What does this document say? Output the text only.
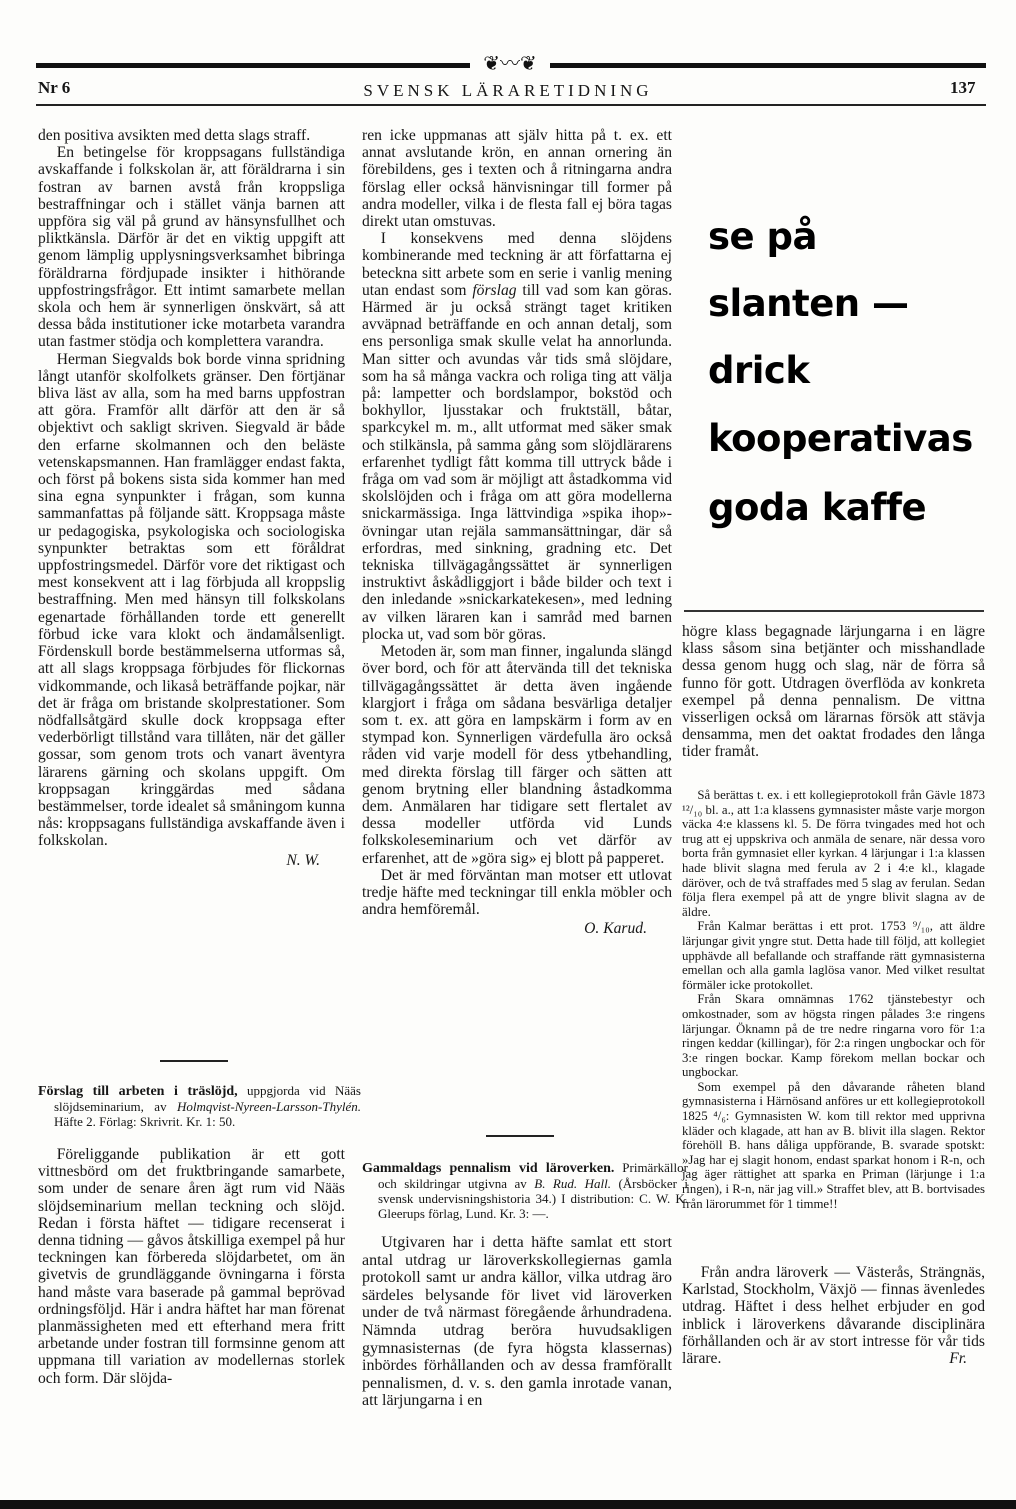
❦〰❦
Nr 6	SVENSK LÄRARETIDNING	137

den positiva avsikten med detta slags straff.

En betingelse för kroppsagans fullständiga avskaffande i folkskolan är, att föräldrarna i sin fostran av barnen avstå från kroppsliga bestraffningar och i stället vänja barnen att uppföra sig väl på grund av hänsynsfullhet och pliktkänsla. Därför är det en viktig uppgift att genom lämplig upplysningsverksamhet bibringa föräldrarna fördjupade insikter i hithörande uppfostringsfrågor. Ett intimt samarbete mellan skola och hem är synnerligen önskvärt, så att dessa båda institutioner icke motarbeta varandra utan fastmer stödja och komplettera varandra.

Herman Siegvalds bok borde vinna spridning långt utanför skolfolkets gränser. Den förtjänar bliva läst av alla, som ha med barns uppfostran att göra. Framför allt därför att den är så objektivt och sakligt skriven. Siegvald är både den erfarne skolmannen och den beläste vetenskapsmannen. Han framlägger endast fakta, och först på bokens sista sida kommer han med sina egna synpunkter i frågan, som kunna sammanfattas på följande sätt. Kroppsaga måste ur pedagogiska, psykologiska och sociologiska synpunkter betraktas som ett föråldrat uppfostringsmedel. Därför vore det riktigast och mest konsekvent att i lag förbjuda all kroppslig bestraffning. Men med hänsyn till folkskolans egenartade förhållanden torde ett generellt förbud icke vara klokt och ändamålsenligt. Fördenskull borde bestämmelserna utformas så, att all slags kroppsaga förbjudes för flickornas vidkommande, och likaså beträffande pojkar, när det är fråga om bristande skolprestationer. Som nödfallsåtgärd skulle dock kroppsaga efter vederbörligt tillstånd vara tillåten, när det gäller gossar, som genom trots och vanart äventyra lärarens gärning och skolans uppgift. Om kroppsagan kringgärdas med sådana bestämmelser, torde idealet så småningom kunna nås: kroppsagans fullständiga avskaffande även i folkskolan.

N. W.
Förslag till arbeten i träslöjd, uppgjorda vid Nääs slöjdseminarium, av Holmqvist-Nyreen-Larsson-Thylén. Häfte 2. Förlag: Skrivrit. Kr. 1: 50.

Föreliggande publikation är ett gott vittnesbörd om det fruktbringande samarbete, som under de senare åren ägt rum vid Nääs slöjdseminarium mellan teckning och slöjd. Redan i första häftet — tidigare recenserat i denna tidning — gåvos åtskilliga exempel på hur teckningen kan förbereda slöjdarbetet, om än givetvis de grundläggande övningarna i första hand måste vara baserade på gammal beprövad ordningsföljd. Här i andra häftet har man förenat planmässigheten med ett efterhand mera fritt arbetande under fostran till formsinne genom att uppmana till variation av modellernas storlek och form. Där slöjda-

ren icke uppmanas att själv hitta på t. ex. ett annat avslutande krön, en annan ornering än förebildens, ges i texten och å ritningarna andra förslag eller också hänvisningar till former på andra modeller, vilka i de flesta fall ej böra tagas direkt utan omstuvas.

I konsekvens med denna slöjdens kombinerande med teckning är att författarna ej beteckna sitt arbete som en serie i vanlig mening utan endast som förslag till vad som kan göras. Härmed är ju också strängt taget kritiken avväpnad beträffande en och annan detalj, som ens personliga smak skulle velat ha annorlunda. Man sitter och avundas vår tids små slöjdare, som ha så många vackra och roliga ting att välja på: lampetter och bordslampor, bokstöd och bokhyllor, ljusstakar och fruktställ, båtar, sparkcykel m. m., allt utformat med säker smak och stilkänsla, på samma gång som slöjdlärarens erfarenhet tydligt fått komma till uttryck både i fråga om vad som är möjligt att åstadkomma vid skolslöjden och i fråga om att göra modellerna snickarmässiga. Inga lättvindiga »spika ihop»-övningar utan rejäla sammansättningar, där så erfordras, med sinkning, gradning etc. Det tekniska tillvägagångssättet är synnerligen instruktivt åskådliggjort i både bilder och text i den inledande »snickarkatekesen», med ledning av vilken läraren kan i samråd med barnen plocka ut, vad som bör göras.

Metoden är, som man finner, ingalunda slängd över bord, och för att återvända till det tekniska tillvägagångssättet är detta även ingående klargjort i fråga om sådana besvärliga detaljer som t. ex. att göra en lampskärm i form av en stympad kon. Synnerligen värdefulla äro också råden vid varje modell för dess ytbehandling, med direkta förslag till färger och sätten att genom brytning eller blandning åstadkomma dem. Anmälaren har tidigare sett flertalet av dessa modeller utförda vid Lunds folkskoleseminarium och vet därför av erfarenhet, att de »göra sig» ej blott på papperet.

Det är med förväntan man motser ett utlovat tredje häfte med teckningar till enkla möbler och andra hemföremål.

O. Karud.
Gammaldags pennalism vid läroverken. Primärkällor och skildringar utgivna av B. Rud. Hall. (Årsböcker i svensk undervisningshistoria 34.) I distribution: C. W. K. Gleerups förlag, Lund. Kr. 3: —.

Utgivaren har i detta häfte samlat ett stort antal utdrag ur läroverkskollegiernas gamla protokoll samt ur andra källor, vilka utdrag äro särdeles belysande för livet vid läroverken under de två närmast föregående århundradena. Nämnda utdrag beröra huvudsakligen gymnasisternas (de fyra högsta klassernas) inbördes förhållanden och av dessa framförallt pennalismen, d. v. s. den gamla inrotade vanan, att lärjungarna i en

se på
slanten —
drick
kooperativas
goda kaffe

högre klass begagnade lärjungarna i en lägre klass såsom sina betjänter och misshandlade dessa genom hugg och slag, när de förra så funno för gott. Utdragen överflöda av konkreta exempel på denna pennalism. De vittna visserligen också om lärarnas försök att stävja densamma, men det oaktat frodades den långa tider framåt.

Så berättas t. ex. i ett kollegieprotokoll från Gävle 1873 ¹²/₁₀ bl. a., att 1:a klassens gymnasister måste varje morgon väcka 4:e klassens kl. 5. De förra tvingades med hot och trug att ej uppskriva och anmäla de senare, när dessa voro borta från gymnasiet eller kyrkan. 4 lärjungar i 1:a klassen hade blivit slagna med ferula av 2 i 4:e kl., klagade däröver, och de två straffades med 5 slag av ferulan. Sedan följa flera exempel på att de yngre blivit slagna av de äldre.

Från Kalmar berättas i ett prot. 1753 ⁹/₁₀, att äldre lärjungar givit yngre stut. Detta hade till följd, att kollegiet upphävde all befallande och straffande rätt gymnasisterna emellan och alla gamla laglösa vanor. Med vilket resultat förmäler icke protokollet.

Från Skara omnämnas 1762 tjänstebestyr och omkostnader, som av högsta ringen pålades 3:e ringens lärjungar. Öknamn på de tre nedre ringarna voro för 1:a ringen keddar (killingar), för 2:a ringen ungbockar och för 3:e ringen bockar. Kamp förekom mellan bockar och ungbockar.

Som exempel på den dåvarande råheten bland gymnasisterna i Härnösand anföres ur ett kollegieprotokoll 1825 ⁴/₆: Gymnasisten W. kom till rektor med upprivna kläder och klagade, att han av B. blivit illa slagen. Rektor förehöll B. hans dåliga uppförande, B. svarade spotskt: »Jag har ej slagit honom, endast sparkat honom i R-n, och jag äger rättighet att sparka en Priman (lärjunge i 1:a ringen), i R-n, när jag vill.» Straffet blev, att B. bortvisades från lärorummet för 1 timme!!

Från andra läroverk — Västerås, Strängnäs, Karlstad, Stockholm, Växjö — finnas ävenledes utdrag. Häftet i dess helhet erbjuder en god inblick i läroverkens dåvarande disciplinära förhållanden och är av stort intresse för vår tids lärare.	Fr.
